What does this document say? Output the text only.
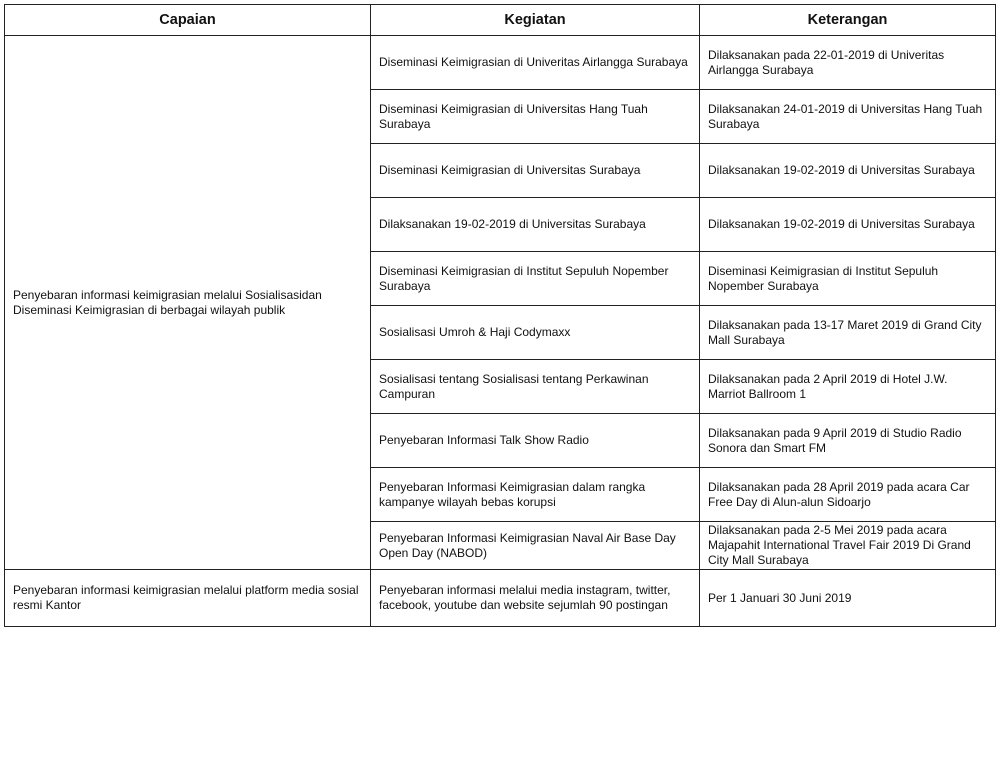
Capaian	Kegiatan	Keterangan
Penyebaran informasi keimigrasian melalui Sosialisasidan Diseminasi Keimigrasian di berbagai wilayah publik	Diseminasi Keimigrasian di Univeritas Airlangga Surabaya	Dilaksanakan pada 22-01-2019 di Univeritas Airlangga Surabaya
	Diseminasi Keimigrasian di Universitas Hang Tuah Surabaya	Dilaksanakan 24-01-2019 di Universitas Hang Tuah Surabaya
	Diseminasi Keimigrasian di Universitas Surabaya	Dilaksanakan 19-02-2019 di Universitas Surabaya
	Dilaksanakan 19-02-2019 di Universitas Surabaya	Dilaksanakan 19-02-2019 di Universitas Surabaya
	Diseminasi Keimigrasian di Institut Sepuluh Nopember Surabaya	Diseminasi Keimigrasian di Institut Sepuluh Nopember Surabaya
	Sosialisasi Umroh & Haji Codymaxx	Dilaksanakan pada 13-17 Maret 2019 di Grand City Mall Surabaya
	Sosialisasi tentang Sosialisasi tentang Perkawinan Campuran	Dilaksanakan pada 2 April 2019 di Hotel J.W. Marriot Ballroom 1
	Penyebaran Informasi Talk Show Radio	Dilaksanakan pada 9 April 2019 di Studio Radio Sonora dan Smart FM
	Penyebaran Informasi Keimigrasian dalam rangka kampanye wilayah bebas korupsi	Dilaksanakan pada 28 April 2019 pada acara Car Free Day di Alun-alun Sidoarjo
	Penyebaran Informasi Keimigrasian Naval Air Base Day Open Day (NABOD)	Dilaksanakan pada 2-5 Mei 2019 pada acara Majapahit International Travel Fair 2019 Di Grand City Mall Surabaya
Penyebaran informasi keimigrasian melalui platform media sosial resmi Kantor	Penyebaran informasi melalui media instagram, twitter, facebook, youtube dan website sejumlah 90 postingan	Per 1 Januari 30 Juni 2019
